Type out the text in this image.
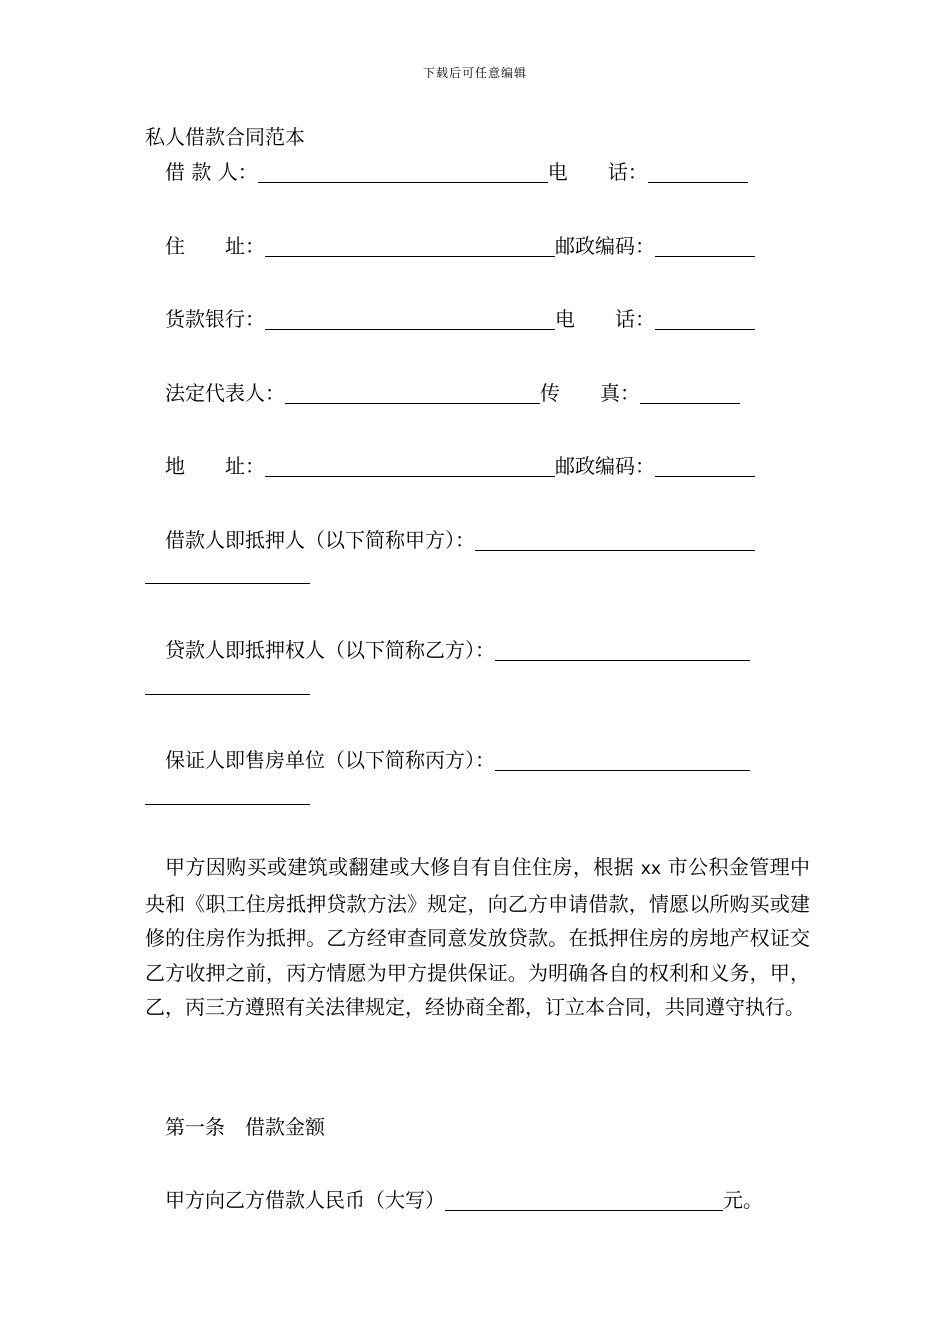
下载后可任意编辑
私人借款合同范本
借 款 人：	电　　话：
住　　址：	邮政编码：
货款银行：	电　　话：
法定代表人：	传　　真：
地　　址：	邮政编码：
借款人即抵押人（以下简称甲方）：
贷款人即抵押权人（以下简称乙方）：
保证人即售房单位（以下简称丙方）：
甲方因购买或建筑或翻建或大修自有自住住房，根据 xx 市公积金管理中央和《职工住房抵押贷款方法》规定，向乙方申请借款，情愿以所购买或建修的住房作为抵押。乙方经审查同意发放贷款。在抵押住房的房地产权证交乙方收押之前，丙方情愿为甲方提供保证。为明确各自的权利和义务，甲，乙，丙三方遵照有关法律规定，经协商全都，订立本合同，共同遵守执行。
第一条　借款金额
甲方向乙方借款人民币（大写）	元。
